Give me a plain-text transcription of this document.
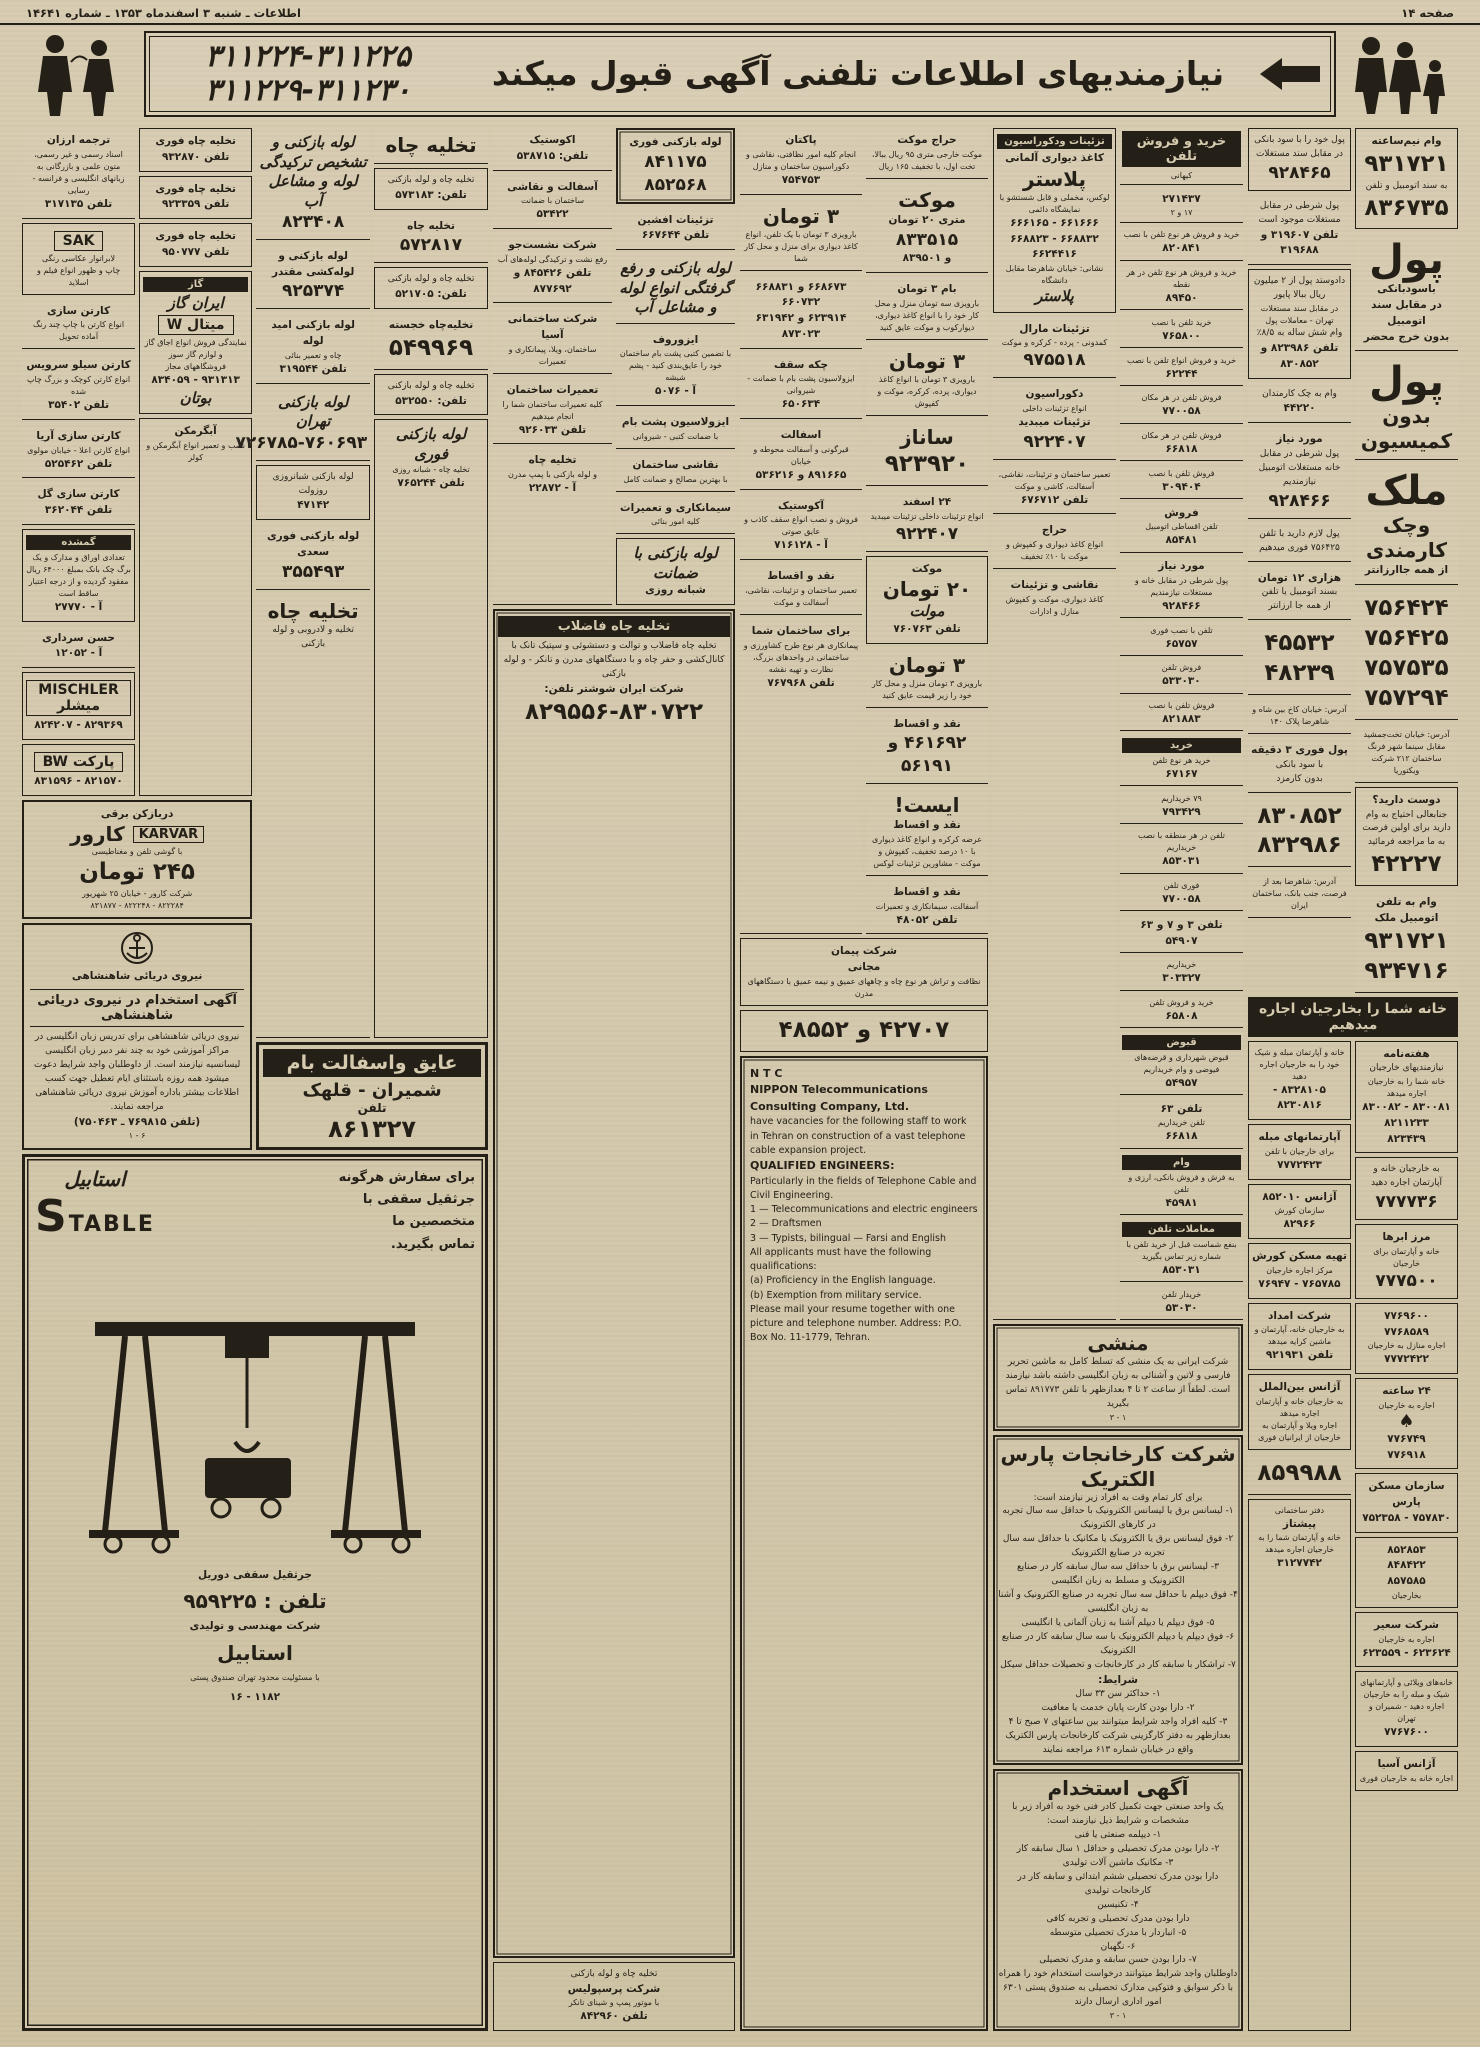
صفحه ۱۴
اطلاعات ـ شنبه ۳ اسفندماه ۱۳۵۳ ـ شماره ۱۴۶۴۱
نیازمندیهای اطلاعات تلفنی آگهی قبول میکند
۳۱۱۲۲۴-۳۱۱۲۲۵
۳۱۱۲۲۹-۳۱۱۲۳۰
وام نیم‌ساعته
۹۳۱۷۲۱
به سند اتومبیل و تلفن
۸۳۶۷۳۵
پول
باسودبانکی
در مقابل سند
اتومبیل
بدون خرج محضر
پول
بدون
کمیسیون
ملک
وچک
کارمندی
از همه جاارزانتر
۷۵۶۴۲۴
۷۵۶۴۲۵
۷۵۷۵۳۵
۷۵۷۲۹۴
آدرس: خیابان تخت‌جمشید مقابل سینما شهر فرنگ ساختمان ۲۱۲ شرکت ویکتوریا
دوست دارید؟
جنابعالی احتیاج به وام دارید برای اولین فرصت به ما مراجعه فرمائید
۴۲۲۲۷
وام به تلفن اتومبیل ملک
۹۳۱۷۲۱
۹۳۴۷۱۶
پول خود را با سود بانکی در مقابل سند مستغلات
۹۲۸۴۶۵
پول شرطی در مقابل مستغلات موجود است
تلفن ۳۱۹۶۰۷ و ۳۱۹۶۸۸
دادوستد پول از ۲ میلیون ریال ببالا پایور
در مقابل سند مستغلات تهران - معاملات پول
وام شش ساله به ۸/۵٪
تلفن ۸۲۳۹۸۶ و
۸۳۰۸۵۲
وام به چک کارمندان
۴۴۲۲۰
مورد نیاز
پول شرطی در مقابل خانه مستغلات اتومبیل نیازمندیم
۹۲۸۴۶۶
پول لازم دارید با تلفن ۷۵۶۴۲۵ فوری میدهیم
هزاری ۱۲ تومان
بسند اتومبیل یا تلفن
از همه جا ارزانتر
۴۵۵۳۲
۴۸۲۳۹
آدرس: خیابان کاخ بین شاه و شاهرضا پلاک ۱۴۰
پول فوری ۳ دقیقه
با سود بانکی
بدون کارمزد
۸۳۰۸۵۲
۸۳۲۹۸۶
آدرس: شاهرضا بعد از فرصت، جنب بانک، ساختمان ایران
خانه شما را بخارجیان اجاره میدهیم
هفته‌نامه
نیازمندیهای خارجیان
خانه شما را به خارجیان اجاره میدهد
۸۳۰۰۸۱ - ۸۳۰۰۸۲
۸۲۱۱۲۳۳
۸۲۳۴۳۹
به خارجیان خانه و آپارتمان اجاره دهید
۷۷۷۷۳۶
مرز ابرها
خانه و آپارتمان برای خارجیان
۷۷۷۵۰۰
۷۷۶۹۶۰۰
۷۷۶۸۵۸۹
اجاره منازل به خارجیان
۷۷۷۲۴۲۲
۲۴ ساعته
اجاره به خارجیان
♠
۷۷۶۷۴۹
۷۷۶۹۱۸
سازمان مسکن پارس
۷۵۷۸۳۰ - ۷۵۲۳۵۸
۸۵۲۸۵۳
۸۴۸۴۲۲
۸۵۷۵۸۵
بخارجیان
شرکت سعیر
اجاره به خارجیان
۶۲۳۶۲۴ - ۶۲۳۵۵۹
خانه‌های ویلائی و آپارتمانهای شیک و مبله را به خارجیان اجاره دهید - شمیران و تهران
۷۷۶۷۶۰۰
آژانس آسیا
اجاره خانه به خارجیان فوری
خانه و آپارتمان مبله و شیک خود را به خارجیان اجاره دهید
۸۳۲۸۱۰۵ - ۸۲۳۰۸۱۶
آپارتمانهای مبله
برای خارجیان با تلفن
۷۷۷۲۴۲۳
آژانس ۸۵۲۰۱۰
سازمان کورش
۸۲۹۶۶
تهیه مسکن کورش
مرکز اجاره خارجیان
۷۶۵۷۸۵ - ۷۶۹۴۷
شرکت امداد
به خارجیان خانه، آپارتمان و ماشین کرایه میدهد
تلفن ۹۲۱۹۳۱
آژانس بین‌الملل
به خارجیان خانه و آپارتمان اجاره میدهد
اجاره ویلا و آپارتمان به خارجیان از ایرانیان فوری
۸۵۹۹۸۸
دفتر ساختمانی
پیشتاز
خانه و آپارتمان شما را به خارجیان اجاره میدهد
۳۱۲۷۷۴۲
خرید و فروش تلفن
کیهانی
۲۷۱۴۳۷
۱۷ و ۲
خرید و فروش هر نوع تلفن با نصب
۸۲۰۸۴۱
خرید و فروش هر نوع تلفن در هر نقطه
۸۹۴۵۰
خرید تلفن با نصب
۷۶۵۸۰۰
خرید و فروش انواع تلفن با نصب
۶۲۲۴۴
فروش تلفن در هر مکان
۷۷۰۰۵۸
فروش تلفن در هر مکان
۶۶۸۱۸
فروش تلفن با نصب
۳۰۹۴۰۴
فروش
تلفن اقساطی اتومبیل
۸۵۴۸۱
مورد نیاز
پول شرطی در مقابل خانه و مستغلات نیازمندیم
۹۲۸۴۶۶
تلفن با نصب فوری
۶۵۷۵۷
فروش تلفن
۵۳۳۰۳۰
فروش تلفن با نصب
۸۲۱۸۸۳
خرید
خرید هر نوع تلفن
۶۷۱۶۷
۷۹ خریداریم
۷۹۳۴۲۹
تلفن در هر منطقه با نصب خریداریم
۸۵۳۰۳۱
فوری تلفن
۷۷۰۰۵۸
تلفن ۳ و ۷ و ۶۳
۵۴۹۰۷
خریداریم
۳۰۳۳۲۷
خرید و فروش تلفن
۶۵۸۰۸
قبوض
قبوض شهرداری و قرضه‌های فیوضی و وام خریداریم
۵۴۹۵۷
تلفن ۶۳
تلفن خریداریم
۶۶۸۱۸
وام
به فرش و فروش بانکی، ارزی و تلفن
۴۵۹۸۱
معاملات تلفن
بنفع شماست قبل از خرید تلفن با شماره زیر تماس بگیرید
۸۵۳۰۳۱
خریدار تلفن
۵۳۰۳۰
تزئینات ودکوراسیون
کاغذ دیواری آلمانی
پلاستر
لوکس، مخملی و قابل شستشو با نمایشگاه دائمی
۶۶۱۶۶۶ - ۶۶۶۱۶۵
۶۶۸۸۳۲ - ۶۶۸۸۲۳
۶۶۲۴۴۱۶
نشانی: خیابان شاهرضا مقابل دانشگاه
پلاستر
تزئینات مارال
کمدونی - پرده - کرکره و موکت
۹۷۵۵۱۸
دکوراسیون
انواع تزئینات داخلی
تزئینات میبدید
۹۲۲۴۰۷
تعمیر ساختمان و تزئینات، نقاشی، آسفالت، کاشی و موکت
تلفن ۶۷۶۷۱۲
حراج
انواع کاغذ دیواری و کفپوش و موکت با ۱۰٪ تخفیف
نقاشی و تزئینات
کاغذ دیواری، موکت و کفپوش منازل و ادارات
منشی
شرکت ایرانی به یک منشی که تسلط کامل به ماشین تحریر فارسی و لاتین و آشنائی به زبان انگلیسی داشته باشد نیازمند است. لطفاً از ساعت ۲ تا ۴ بعدازظهر با تلفن ۸۹۱۷۷۳ تماس بگیرید
۱ - ۳
شرکت کارخانجات پارس الکتریک
برای کار تمام وقت به افراد زیر نیازمند است:
۱- لیسانس برق یا لیسانس الکترونیک با حداقل سه سال تجربه در کارهای الکترونیک
۲- فوق لیسانس برق یا الکترونیک یا مکانیک با حداقل سه سال تجربه در صنایع الکترونیک
۳- لیسانس برق با حداقل سه سال سابقه کار در صنایع الکترونیک و مسلط به زبان انگلیسی
۴- فوق دیپلم با حداقل سه سال تجربه در صنایع الکترونیک و آشنا به زبان انگلیسی
۵- فوق دیپلم یا دیپلم آشنا به زبان آلمانی یا انگلیسی
۶- فوق دیپلم یا دیپلم الکترونیک با سه سال سابقه کار در صنایع الکترونیک
۷- تراشکار با سابقه کار در کارخانجات و تحصیلات حداقل سیکل
شرایط:
۱- حداکثر سن ۳۳ سال
۲- دارا بودن کارت پایان خدمت یا معافیت
۳- کلیه افراد واجد شرایط میتوانند بین ساعتهای ۷ صبح تا ۴ بعدازظهر به دفتر کارگزینی شرکت کارخانجات پارس الکتریک واقع در خیابان شماره ۶۱۳ مراجعه نمایند
آگهی استخدام
یک واحد صنعتی جهت تکمیل کادر فنی خود به افراد زیر با مشخصات و شرایط ذیل نیازمند است:
۱- دیپلمه صنعتی یا فنی
۲- دارا بودن مدرک تحصیلی و حداقل ۱ سال سابقه کار
۳- مکانیک ماشین آلات تولیدی
دارا بودن مدرک تحصیلی ششم ابتدائی و سابقه کار در کارخانجات تولیدی
۴- تکنیسین
دارا بودن مدرک تحصیلی و تجربه کافی
۵- انباردار با مدرک تحصیلی متوسطه
۶- نگهبان
۷- دارا بودن حسن سابقه و مدرک تحصیلی
داوطلبان واجد شرایط میتوانند درخواست استخدام خود را همراه با ذکر سوابق و فتوکپی مدارک تحصیلی به صندوق پستی ۶۳۰۱ امور اداری ارسال دارند
۱ - ۳
حراج موکت
موکت خارجی متری ۹۵ ریال ببالا، تخت اول، با تخفیف ۱۶۵ ریال
موکت
متری ۲۰ تومان
۸۳۳۵۱۵
و ۸۳۹۵۰۱
بام ۳ تومان
بارویزی سه تومان منزل و محل کار خود را با انواع کاغذ دیواری، دیوارکوب و موکت عایق کنید
۳ تومان
بارویزی ۳ تومان با انواع کاغذ دیواری، پرده، کرکره، موکت و کفپوش
ساناز
۹۲۳۹۲۰
۲۴ اسفند
انواع تزئینات داخلی تزئینات میبدید
۹۲۲۴۰۷
موکت
۲۰ تومان
مولت
تلفن ۷۶۰۷۶۳
۳ تومان
بارویزی ۳ تومان منزل و محل کار خود را زیر قیمت عایق کنید
نقد و اقساط
۴۶۱۶۹۲ و ۵۶۱۹۱
ایست!
نقد و اقساط
عرضه کرکره و انواع کاغذ دیواری با ۱۰ درصد تخفیف، کفپوش و موکت - مشاورین تزئینات لوکس
نقد و اقساط
آسفالت، سیمانکاری و تعمیرات
تلفن ۴۸۰۵۲
پاکتان
انجام کلیه امور نظافتی، نقاشی و دکوراسیون ساختمان و منازل
۷۵۴۷۵۳
۳ تومان
بارویزی ۳ تومان با یک تلفن، انواع کاغذ دیواری برای منزل و محل کار شما
۶۶۸۶۷۳ و ۶۶۸۸۳۱
۶۶۰۷۳۲
۶۲۳۹۱۴ و ۶۳۱۹۴۲
۸۷۳۰۲۳
چکه سقف
ایزولاسیون پشت بام با ضمانت - شیروانی
۶۵۰۶۳۴
اسفالت
قیرگونی و آسفالت محوطه و خیابان
۸۹۱۶۶۵ و ۵۳۶۲۱۶
آکوستیک
فروش و نصب انواع سقف کاذب و عایق صوتی
آ - ۷۱۶۱۲۸
نقد و اقساط
تعمیر ساختمان و تزئینات، نقاشی، آسفالت و موکت
برای ساختمان شما
پیمانکاری هر نوع طرح کشاورزی و ساختمانی در واحدهای بزرگ، نظارت و تهیه نقشه
تلفن ۷۶۷۹۶۸
شرکت پیمان
مجانی
نظافت و تراش هر نوع چاه و چاههای عمیق و نیمه عمیق با دستگاههای مدرن
۴۲۷۰۷ و ۴۸۵۵۲
N T C
NIPPON Telecommunications Consulting Company, Ltd.
have vacancies for the following staff to work in Tehran on construction of a vast telephone cable expansion project.
QUALIFIED ENGINEERS:
Particularly in the fields of Telephone Cable and Civil Engineering.
1 — Telecommunications and electric engineers
2 — Draftsmen
3 — Typists, bilingual — Farsi and English
All applicants must have the following qualifications:
(a) Proficiency in the English language.
(b) Exemption from military service.
Please mail your resume together with one picture and telephone number. Address: P.O. Box No. 11-1779, Tehran.
لوله بازکنی فوری
۸۴۱۱۷۵ ۸۵۲۵۶۸
تزئینات افشین
تلفن ۶۶۷۶۴۴
لوله بازکنی و رفع گرفتگی انواع لوله و مشاعل آب
ایزوروف
با تضمین کتبی پشت بام ساختمان خود را عایق‌بندی کنید - پشم شیشه
آ - ۵۰۷۶
ایزولاسیون پشت بام
با ضمانت کتبی - شیروانی
نقاشی ساختمان
با بهترین مصالح و ضمانت کامل
سیمانکاری و تعمیرات
کلیه امور بنائی
لوله بازکنی با ضمانت
شبانه روزی
اکوستیک
تلفن: ۵۳۸۷۱۵
آسفالت و نقاشی
ساختمان با ضمانت
۵۳۴۲۲
شرکت نشست‌جو
رفع نشت و ترکیدگی لوله‌های آب
تلفن ۸۴۵۴۲۶ و ۸۷۷۶۹۲
شرکت ساختمانی آسیا
ساختمان، ویلا، پیمانکاری و تعمیرات
تعمیرات ساختمان
کلیه تعمیرات ساختمان شما را انجام میدهیم
تلفن ۹۲۶۰۳۳
تخلیه چاه
و لوله بازکنی با پمپ مدرن
آ - ۲۲۸۷۲
تخلیه چاه فاضلاب
تخلیه چاه فاضلاب و توالت و دستشوئی و سپتیک تانک با کانال‌کشی و حفر چاه و با دستگاههای مدرن و تانکر - و لوله بازکنی
شرکت ایران شوشتر تلفن:
۸۲۹۵۵۶-۸۳۰۷۲۲
تخلیه چاه و لوله بازکنی
شرکت پرسپولیس
با موتور پمپ و شینای تانکر
تلفن ۸۴۲۹۶۰
تخلیه چاه
تخلیه چاه و لوله بازکنی
تلفن: ۵۷۳۱۸۳
تخلیه چاه
۵۷۲۸۱۷
تخلیه چاه و لوله بازکنی
تلفن: ۵۲۱۷۰۵
تخلیه‌چاه خجسته
۵۴۹۹۶۹
تخلیه چاه و لوله بازکنی
تلفن: ۵۳۲۵۵۰
لوله بازکنی فوری
تخلیه چاه - شبانه روزی
تلفن ۷۶۵۲۴۴
لوله بازکنی و تشخیص ترکیدگی لوله و مشاعل آب
۸۲۳۴۰۸
لوله بازکنی و لوله‌کشی مقتدر
۹۲۵۳۷۴
لوله بازکنی امید لوله
چاه و تعمیر بنائی
تلفن ۳۱۹۵۴۴
لوله بازکنی تهران
۷۲۶۷۸۵-۷۶۰۶۹۳
لوله بازکنی شبانروزی روزولت
۴۷۱۴۲
لوله بازکنی فوری سعدی
۳۵۵۴۹۳
تخلیه چاه
تخلیه و لادروبی و لوله بازکنی
عایق واسفالت بام
شمیران - قلهک
تلفن
۸۶۱۳۲۷
تخلیه چاه فوری
تلفن ۹۳۲۸۷۰
تخلیه چاه فوری
تلفن ۹۲۳۳۵۹
تخلیه چاه فوری
تلفن ۹۵۰۷۷۷
گاز
ایران گاز
میتال W
نمایندگی فروش انواع اجاق گاز و لوازم گاز سوز
فروشگاههای مجاز
۹۳۱۳۱۳ - ۸۳۴۰۵۹
بوتان
آبگرمکن
نصب و تعمیر انواع آبگرمکن و کولر
ترجمه ارزان
اسناد رسمی و غیر رسمی، متون علمی و بازرگانی به زبانهای انگلیسی و فرانسه - رسایی
تلفن ۳۱۷۱۳۵
SAK
لابراتوار عکاسی رنگی
چاپ و ظهور انواع فیلم و اسلاید
کارتن سازی
انواع کارتن با چاپ چند رنگ آماده تحویل
کارتن سیلو سرویس
انواع کارتن کوچک و بزرگ چاپ شده
تلفن ۳۵۴۰۲
کارتن سازی آریا
انواع کارتن اعلا - خیابان مولوی
تلفن ۵۲۵۴۶۲
کارتن سازی گل
تلفن ۳۶۲۰۴۴
گمشده
تعدادی اوراق و مدارک و یک برگ چک بانک بمبلغ ۶۴۰۰۰ ریال مفقود گردیده و از درجه اعتبار ساقط است
آ - ۲۷۷۷۰
حسن سرداری
آ - ۱۲۰۵۲
MISCHLER میشلر
۸۲۹۳۶۹ - ۸۲۴۲۰۷
پارکت BW
۸۲۱۵۷۰ - ۸۳۱۵۹۶
دربازکن برقی
KARVAR
کارور
با گوشی تلفن و مغناطیسی
۲۴۵ تومان
شرکت کارور - خیابان ۲۵ شهریور
۸۲۲۲۸۴ - ۸۲۲۲۴۸ - ۸۳۱۸۷۷
نیروی دریائی شاهنشاهی
آگهی استخدام در نیروی دریائی شاهنشاهی
نیروی دریائی شاهنشاهی برای تدریس زبان انگلیسی در مراکز آموزشی خود به چند نفر دبیر زبان انگلیسی لیسانسیه نیازمند است. از داوطلبان واجد شرایط دعوت میشود همه روزه باستثنای ایام تعطیل جهت کسب اطلاعات بیشتر باداره آموزش نیروی دریائی شاهنشاهی مراجعه نمایند.
(تلفن ۷۶۹۸۱۵ ـ ۷۵۰۴۶۳)
۶ - ۱
برای سفارش هرگونه
جرثقیل سقفی با
متخصصین ما
تماس بگیرید.
استابیل
STABLE
جرثقیل سقفی دوریل
تلفن : ۹۵۹۲۲۵
شرکت مهندسی و تولیدی
استابیل
با مسئولیت محدود تهران صندوق پستی
۱۱۸۲ - ۱۶
